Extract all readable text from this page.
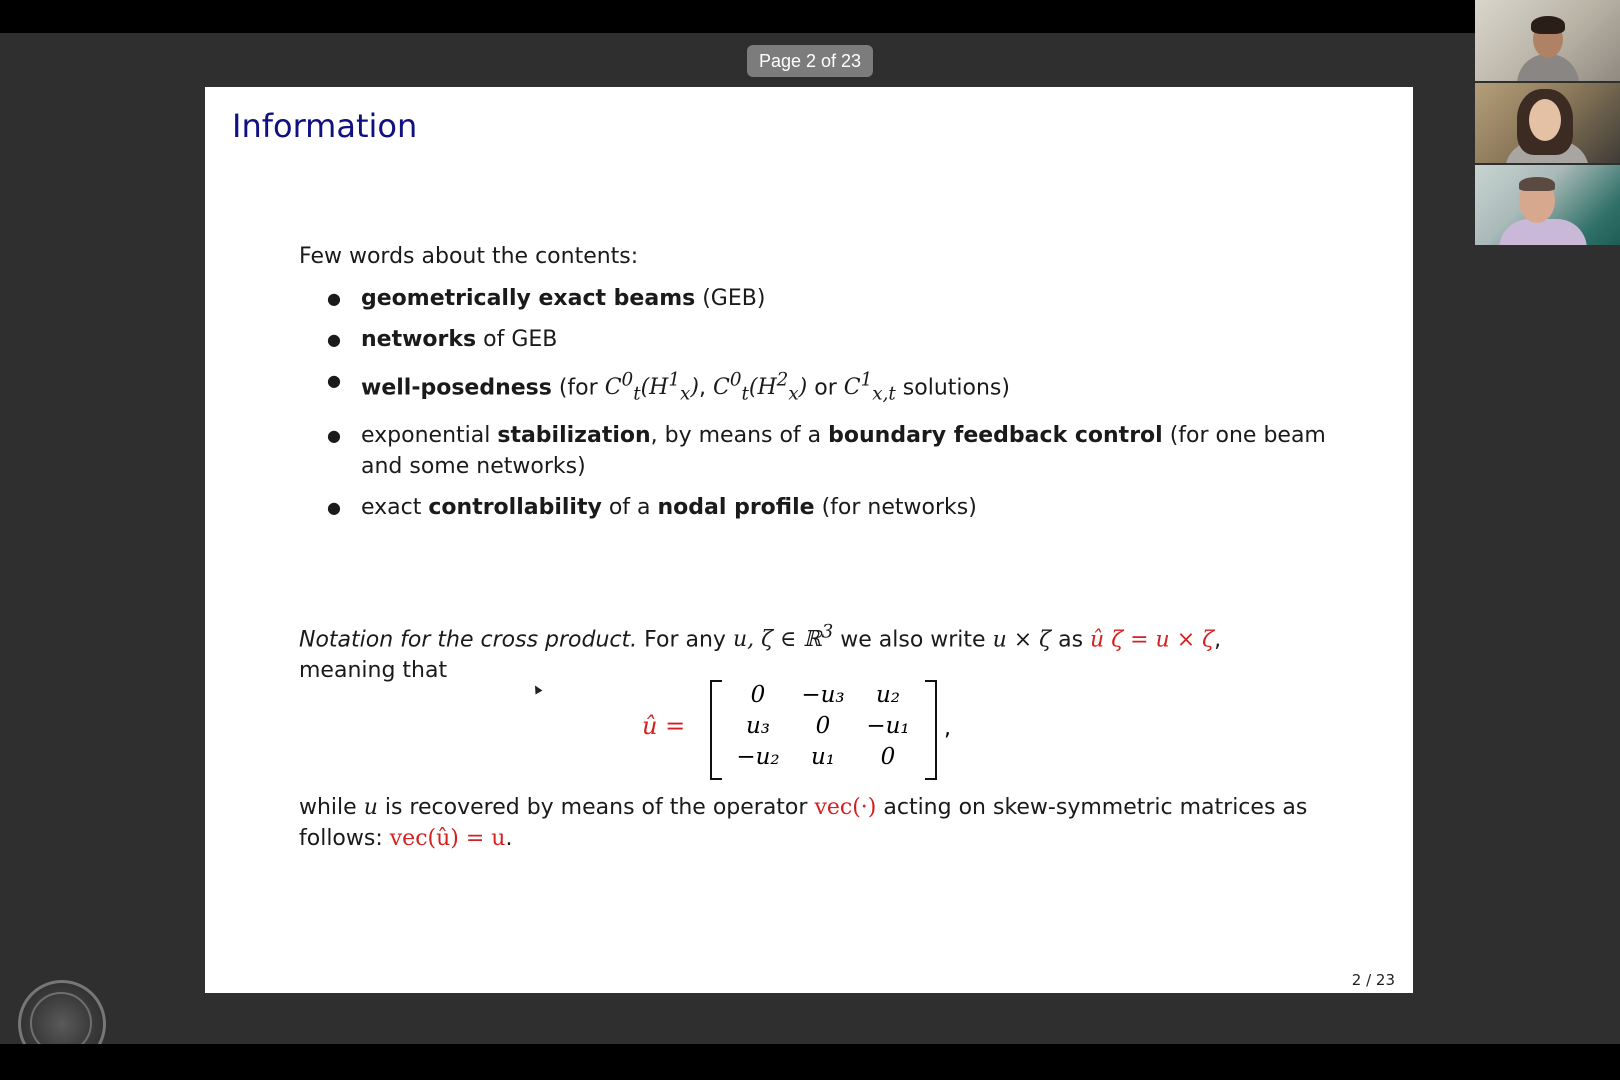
Page 2 of 23
Information
Few words about the contents:
● geometrically exact beams (GEB)
● networks of GEB
● well-posedness (for $C^0_t(H^1_x)$, $C^0_t(H^2_x)$ or $C^1_{x,t}$ solutions)
● exponential stabilization, by means of a boundary feedback control (for one beam and some networks)
● exact controllability of a nodal profile (for networks)
Notation for the cross product. For any u, ζ ∈ ℝ$^3$ we also write u × ζ as û ζ = u × ζ,
meaning that
û =
0	−u₃	u₂
u₃	0	−u₁
−u₂	u₁	0
,
while u is recovered by means of the operator vec(·) acting on skew-symmetric matrices as follows: vec(û) = u.
2 / 23
